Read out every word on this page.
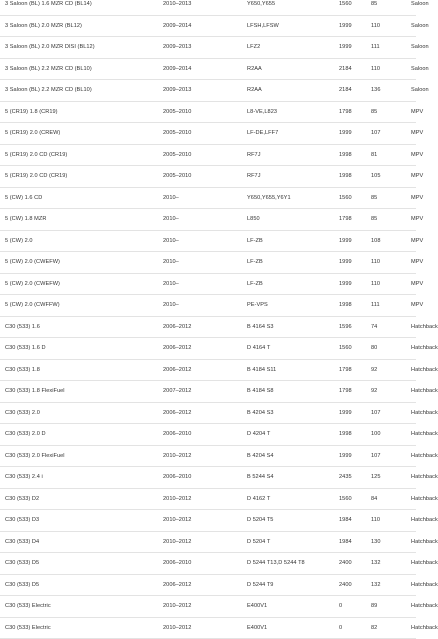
3 Saloon (BL) 1.6 MZR CD (BL14)	2010–2013	Y650,Y655	1560	85	Saloon
3 Saloon (BL) 2.0 MZR (BL12)	2009–2014	LFSH,LFSW	1999	110	Saloon
3 Saloon (BL) 2.0 MZR DISI (BL12)	2009–2013	LFZ2	1999	111	Saloon
3 Saloon (BL) 2.2 MZR CD (BL10)	2009–2014	R2AA	2184	110	Saloon
3 Saloon (BL) 2.2 MZR CD (BL10)	2009–2013	R2AA	2184	136	Saloon
5 (CR19) 1.8 (CR19)	2005–2010	L8-VE,L823	1798	85	MPV
5 (CR19) 2.0 (CREW)	2005–2010	LF-DE,LFF7	1999	107	MPV
5 (CR19) 2.0 CD (CR19)	2005–2010	RF7J	1998	81	MPV
5 (CR19) 2.0 CD (CR19)	2005–2010	RF7J	1998	105	MPV
5 (CW) 1.6 CD	2010–	Y650,Y655,Y6Y1	1560	85	MPV
5 (CW) 1.8 MZR	2010–	L850	1798	85	MPV
5 (CW) 2.0	2010–	LF-ZB	1999	108	MPV
5 (CW) 2.0 (CWEFW)	2010–	LF-ZB	1999	110	MPV
5 (CW) 2.0 (CWEFW)	2010–	LF-ZB	1999	110	MPV
5 (CW) 2.0 (CWFFW)	2010–	PE-VPS	1998	111	MPV
C30 (533) 1.6	2006–2012	B 4164 S3	1596	74	Hatchback
C30 (533) 1.6 D	2006–2012	D 4164 T	1560	80	Hatchback
C30 (533) 1.8	2006–2012	B 4184 S11	1798	92	Hatchback
C30 (533) 1.8 FlexiFuel	2007–2012	B 4184 S8	1798	92	Hatchback
C30 (533) 2.0	2006–2012	B 4204 S3	1999	107	Hatchback
C30 (533) 2.0 D	2006–2010	D 4204 T	1998	100	Hatchback
C30 (533) 2.0 FlexiFuel	2010–2012	B 4204 S4	1999	107	Hatchback
C30 (533) 2.4 i	2006–2010	B 5244 S4	2435	125	Hatchback
C30 (533) D2	2010–2012	D 4162 T	1560	84	Hatchback
C30 (533) D3	2010–2012	D 5204 T5	1984	110	Hatchback
C30 (533) D4	2010–2012	D 5204 T	1984	130	Hatchback
C30 (533) D5	2006–2010	D 5244 T13,D 5244 T8	2400	132	Hatchback
C30 (533) D5	2006–2012	D 5244 T9	2400	132	Hatchback
C30 (533) Electric	2010–2012	E400V1	0	89	Hatchback
C30 (533) Electric	2010–2012	E400V1	0	82	Hatchback
